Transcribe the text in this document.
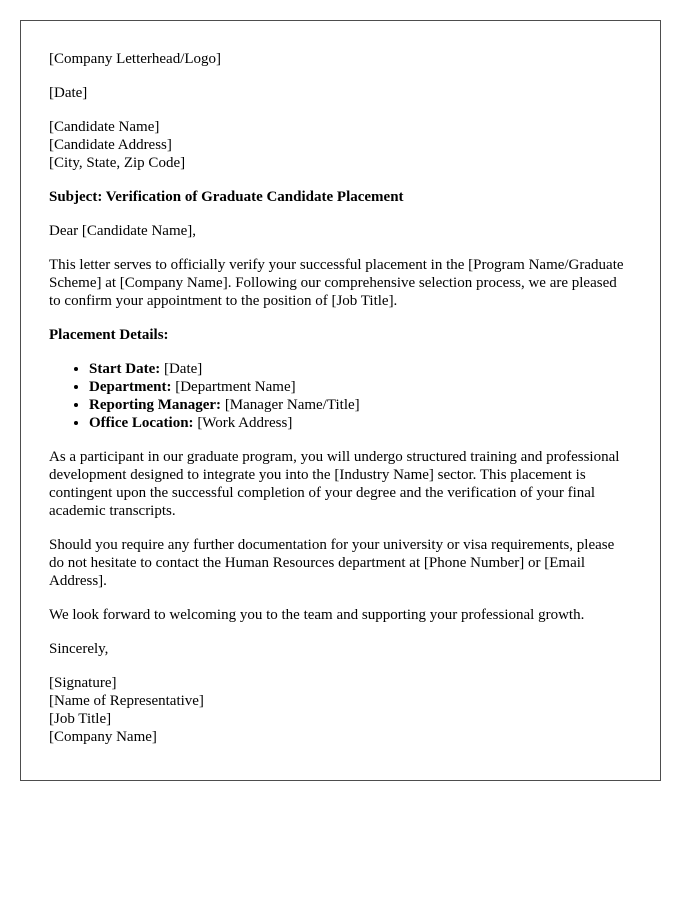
[Company Letterhead/Logo]

[Date]

[Candidate Name]
[Candidate Address]
[City, State, Zip Code]

Subject: Verification of Graduate Candidate Placement

Dear [Candidate Name],

This letter serves to officially verify your successful placement in the [Program Name/Graduate Scheme] at [Company Name]. Following our comprehensive selection process, we are pleased to confirm your appointment to the position of [Job Title].

Placement Details:

• Start Date: [Date]
• Department: [Department Name]
• Reporting Manager: [Manager Name/Title]
• Office Location: [Work Address]

As a participant in our graduate program, you will undergo structured training and professional development designed to integrate you into the [Industry Name] sector. This placement is contingent upon the successful completion of your degree and the verification of your final academic transcripts.

Should you require any further documentation for your university or visa requirements, please do not hesitate to contact the Human Resources department at [Phone Number] or [Email Address].

We look forward to welcoming you to the team and supporting your professional growth.

Sincerely,

[Signature]
[Name of Representative]
[Job Title]
[Company Name]
